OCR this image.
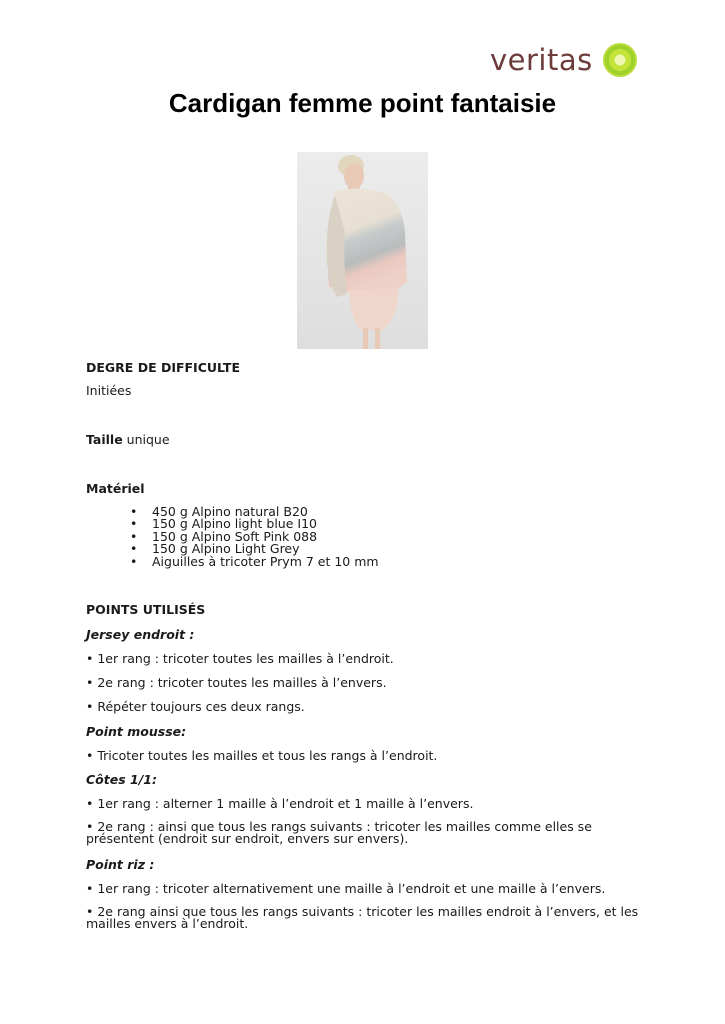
veritas
Cardigan femme point fantaisie

DEGRE DE DIFFICULTE

Initiées

Taille unique

Matériel

• 450 g Alpino natural B20
• 150 g Alpino light blue I10
• 150 g Alpino Soft Pink 088
• 150 g Alpino Light Grey
• Aiguilles à tricoter Prym 7 et 10 mm

POINTS UTILISÉS

Jersey endroit :

• 1er rang : tricoter toutes les mailles à l’endroit.

• 2e rang : tricoter toutes les mailles à l’envers.

• Répéter toujours ces deux rangs.

Point mousse:

• Tricoter toutes les mailles et tous les rangs à l’endroit.

Côtes 1/1:

• 1er rang : alterner 1 maille à l’endroit et 1 maille à l’envers.

• 2e rang : ainsi que tous les rangs suivants : tricoter les mailles comme elles se présentent (endroit sur endroit, envers sur envers).

Point riz :

• 1er rang : tricoter alternativement une maille à l’endroit et une maille à l’envers.

• 2e rang ainsi que tous les rangs suivants : tricoter les mailles endroit à l’envers, et les mailles envers à l’endroit.
